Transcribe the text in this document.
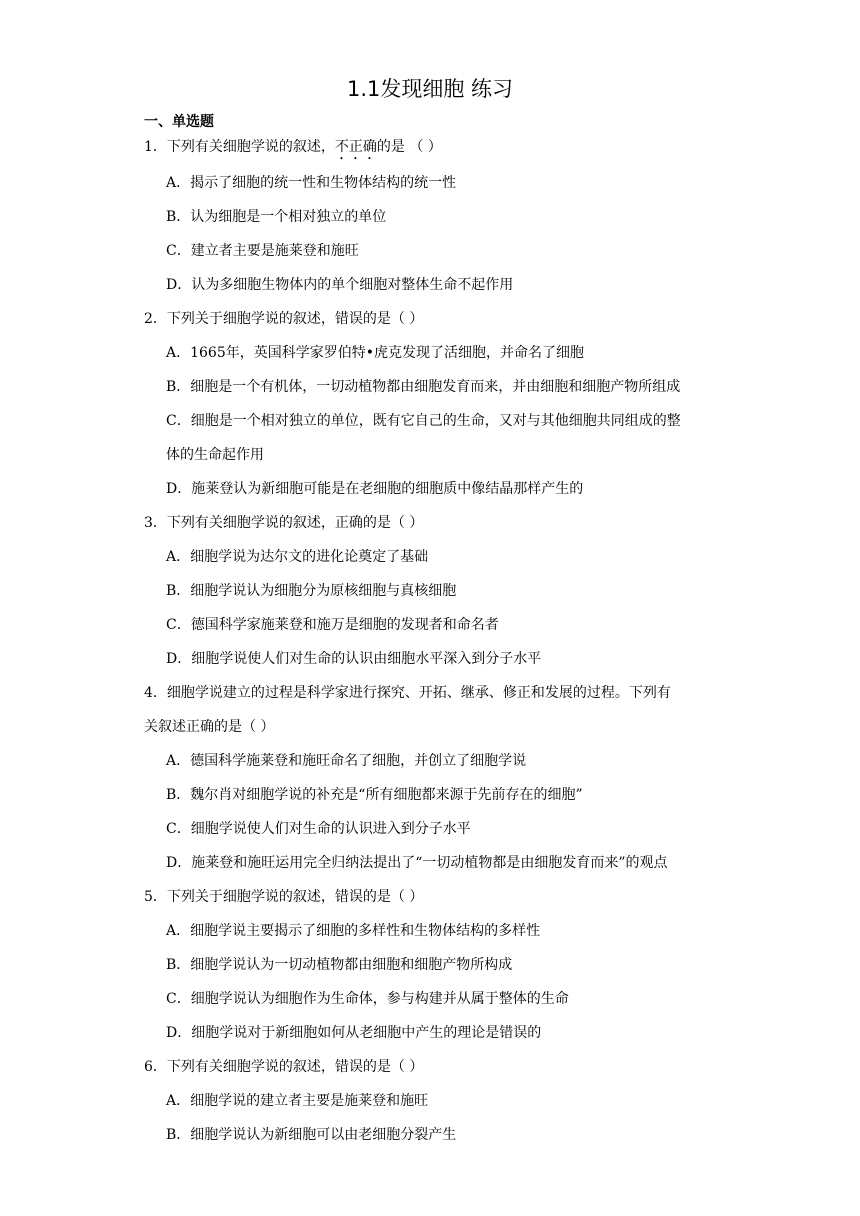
1.1发现细胞 练习
一、单选题
1．下列有关细胞学说的叙述，不正确的是 （ ）
A．揭示了细胞的统一性和生物体结构的统一性
B．认为细胞是一个相对独立的单位
C．建立者主要是施莱登和施旺
D．认为多细胞生物体内的单个细胞对整体生命不起作用
2．下列关于细胞学说的叙述，错误的是（ ）
A．1665年，英国科学家罗伯特•虎克发现了活细胞，并命名了细胞
B．细胞是一个有机体，一切动植物都由细胞发育而来，并由细胞和细胞产物所组成
C．细胞是一个相对独立的单位，既有它自己的生命，又对与其他细胞共同组成的整
体的生命起作用
D．施莱登认为新细胞可能是在老细胞的细胞质中像结晶那样产生的
3．下列有关细胞学说的叙述，正确的是（ ）
A．细胞学说为达尔文的进化论奠定了基础
B．细胞学说认为细胞分为原核细胞与真核细胞
C．德国科学家施莱登和施万是细胞的发现者和命名者
D．细胞学说使人们对生命的认识由细胞水平深入到分子水平
4．细胞学说建立的过程是科学家进行探究、开拓、继承、修正和发展的过程。下列有
关叙述正确的是（ ）
A．德国科学施莱登和施旺命名了细胞，并创立了细胞学说
B．魏尔肖对细胞学说的补充是“所有细胞都来源于先前存在的细胞”
C．细胞学说使人们对生命的认识进入到分子水平
D．施莱登和施旺运用完全归纳法提出了“一切动植物都是由细胞发育而来”的观点
5．下列关于细胞学说的叙述，错误的是（ ）
A．细胞学说主要揭示了细胞的多样性和生物体结构的多样性
B．细胞学说认为一切动植物都由细胞和细胞产物所构成
C．细胞学说认为细胞作为生命体，参与构建并从属于整体的生命
D．细胞学说对于新细胞如何从老细胞中产生的理论是错误的
6．下列有关细胞学说的叙述，错误的是（ ）
A．细胞学说的建立者主要是施莱登和施旺
B．细胞学说认为新细胞可以由老细胞分裂产生
